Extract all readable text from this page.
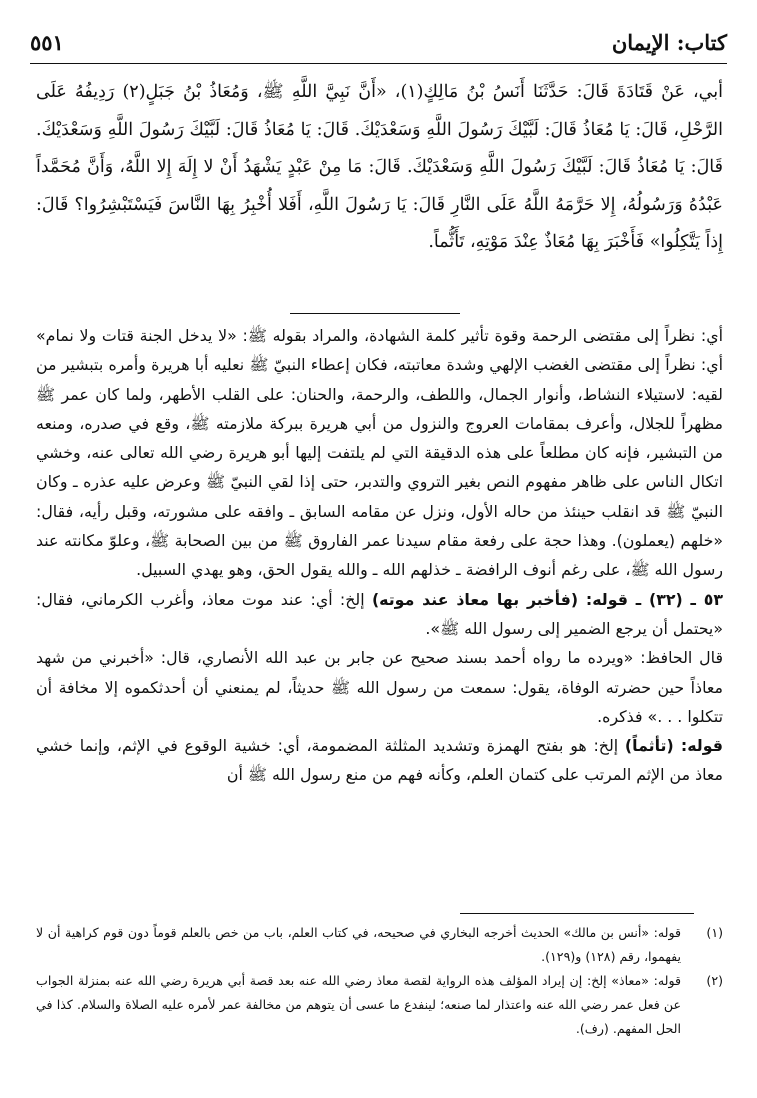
كتاب: الإيمان
٥٥١
أبي، عَنْ قَتَادَةَ قَالَ: حَدَّثَنَا أَنَسُ بْنُ مَالِكٍ(١)، «أَنَّ نَبِيَّ اللَّهِ ﷺ، وَمُعَاذُ بْنُ جَبَلٍ(٢) رَدِيفُهُ عَلَى الرَّحْلِ، قَالَ: يَا مُعَاذُ قَالَ: لَبَّيْكَ رَسُولَ اللَّهِ وَسَعْدَيْكَ. قَالَ: يَا مُعَاذُ قَالَ: لَبَّيْكَ رَسُولَ اللَّهِ وَسَعْدَيْكَ. قَالَ: يَا مُعَاذُ قَالَ: لَبَّيْكَ رَسُولَ اللَّهِ وَسَعْدَيْكَ. قَالَ: مَا مِنْ عَبْدٍ يَشْهَدُ أَنْ لا إِلَهَ إِلا اللَّهُ، وَأَنَّ مُحَمَّداً عَبْدُهُ وَرَسُولُهُ، إِلا حَرَّمَهُ اللَّهُ عَلَى النَّارِ قَالَ: يَا رَسُولَ اللَّهِ، أَفَلا أُخْبِرُ بِهَا النَّاسَ فَيَسْتَبْشِرُوا؟ قَالَ: إِذاً يَتَّكِلُوا» فَأَخْبَرَ بِهَا مُعَاذٌ عِنْدَ مَوْتِهِ، تَأَثُّماً.

أي: نظراً إلى مقتضى الرحمة وقوة تأثير كلمة الشهادة، والمراد بقوله ﷺ: «لا يدخل الجنة قتات ولا نمام» أي: نظراً إلى مقتضى الغضب الإلهي وشدة معاتبته، فكان إعطاء النبيّ ﷺ نعليه أبا هريرة وأمره بتبشير من لقيه: لاستيلاء النشاط، وأنوار الجمال، واللطف، والرحمة، والحنان: على القلب الأطهر، ولما كان عمر ﷺ مظهراً للجلال، وأعرف بمقامات العروج والنزول من أبي هريرة ببركة ملازمته ﷺ، وقع في صدره، ومنعه من التبشير، فإنه كان مطلعاً على هذه الدقيقة التي لم يلتفت إليها أبو هريرة رضي الله تعالى عنه، وخشي اتكال الناس على ظاهر مفهوم النص بغير التروي والتدبر، حتى إذا لقي النبيّ ﷺ وعرض عليه عذره ـ وكان النبيّ ﷺ قد انقلب حينئذ من حاله الأول، ونزل عن مقامه السابق ـ وافقه على مشورته، وقبل رأيه، فقال: «خلهم (يعملون). وهذا حجة على رفعة مقام سيدنا عمر الفاروق ﷺ من بين الصحابة ﷺ، وعلوّ مكانته عند رسول الله ﷺ، على رغم أنوف الرافضة ـ خذلهم الله ـ والله يقول الحق، وهو يهدي السبيل.

٥٣ ـ (٣٢) ـ قوله: (فأخبر بها معاذ عند موته) إلخ: أي: عند موت معاذ، وأغرب الكرماني، فقال: «يحتمل أن يرجع الضمير إلى رسول الله ﷺ».

قال الحافظ: «ويرده ما رواه أحمد بسند صحيح عن جابر بن عبد الله الأنصاري، قال: «أخبرني من شهد معاذاً حين حضرته الوفاة، يقول: سمعت من رسول الله ﷺ حديثاً، لم يمنعني أن أحدثكموه إلا مخافة أن تتكلوا . . .» فذكره.

قوله: (تأثماً) إلخ: هو بفتح الهمزة وتشديد المثلثة المضمومة، أي: خشية الوقوع في الإثم، وإنما خشي معاذ من الإثم المرتب على كتمان العلم، وكأنه فهم من منع رسول الله ﷺ أن

(١)
قوله: «أنس بن مالك» الحديث أخرجه البخاري في صحيحه، في كتاب العلم، باب من خص بالعلم قوماً دون قوم كراهية أن لا يفهموا، رقم (١٢٨) و(١٢٩).
(٢)
قوله: «معاذ» إلخ: إن إيراد المؤلف هذه الرواية لقصة معاذ رضي الله عنه بعد قصة أبي هريرة رضي الله عنه بمنزلة الجواب عن فعل عمر رضي الله عنه واعتذار لما صنعه؛ لينفدع ما عسى أن يتوهم من مخالفة عمر لأمره عليه الصلاة والسلام. كذا في الحل المفهم. (رف).
